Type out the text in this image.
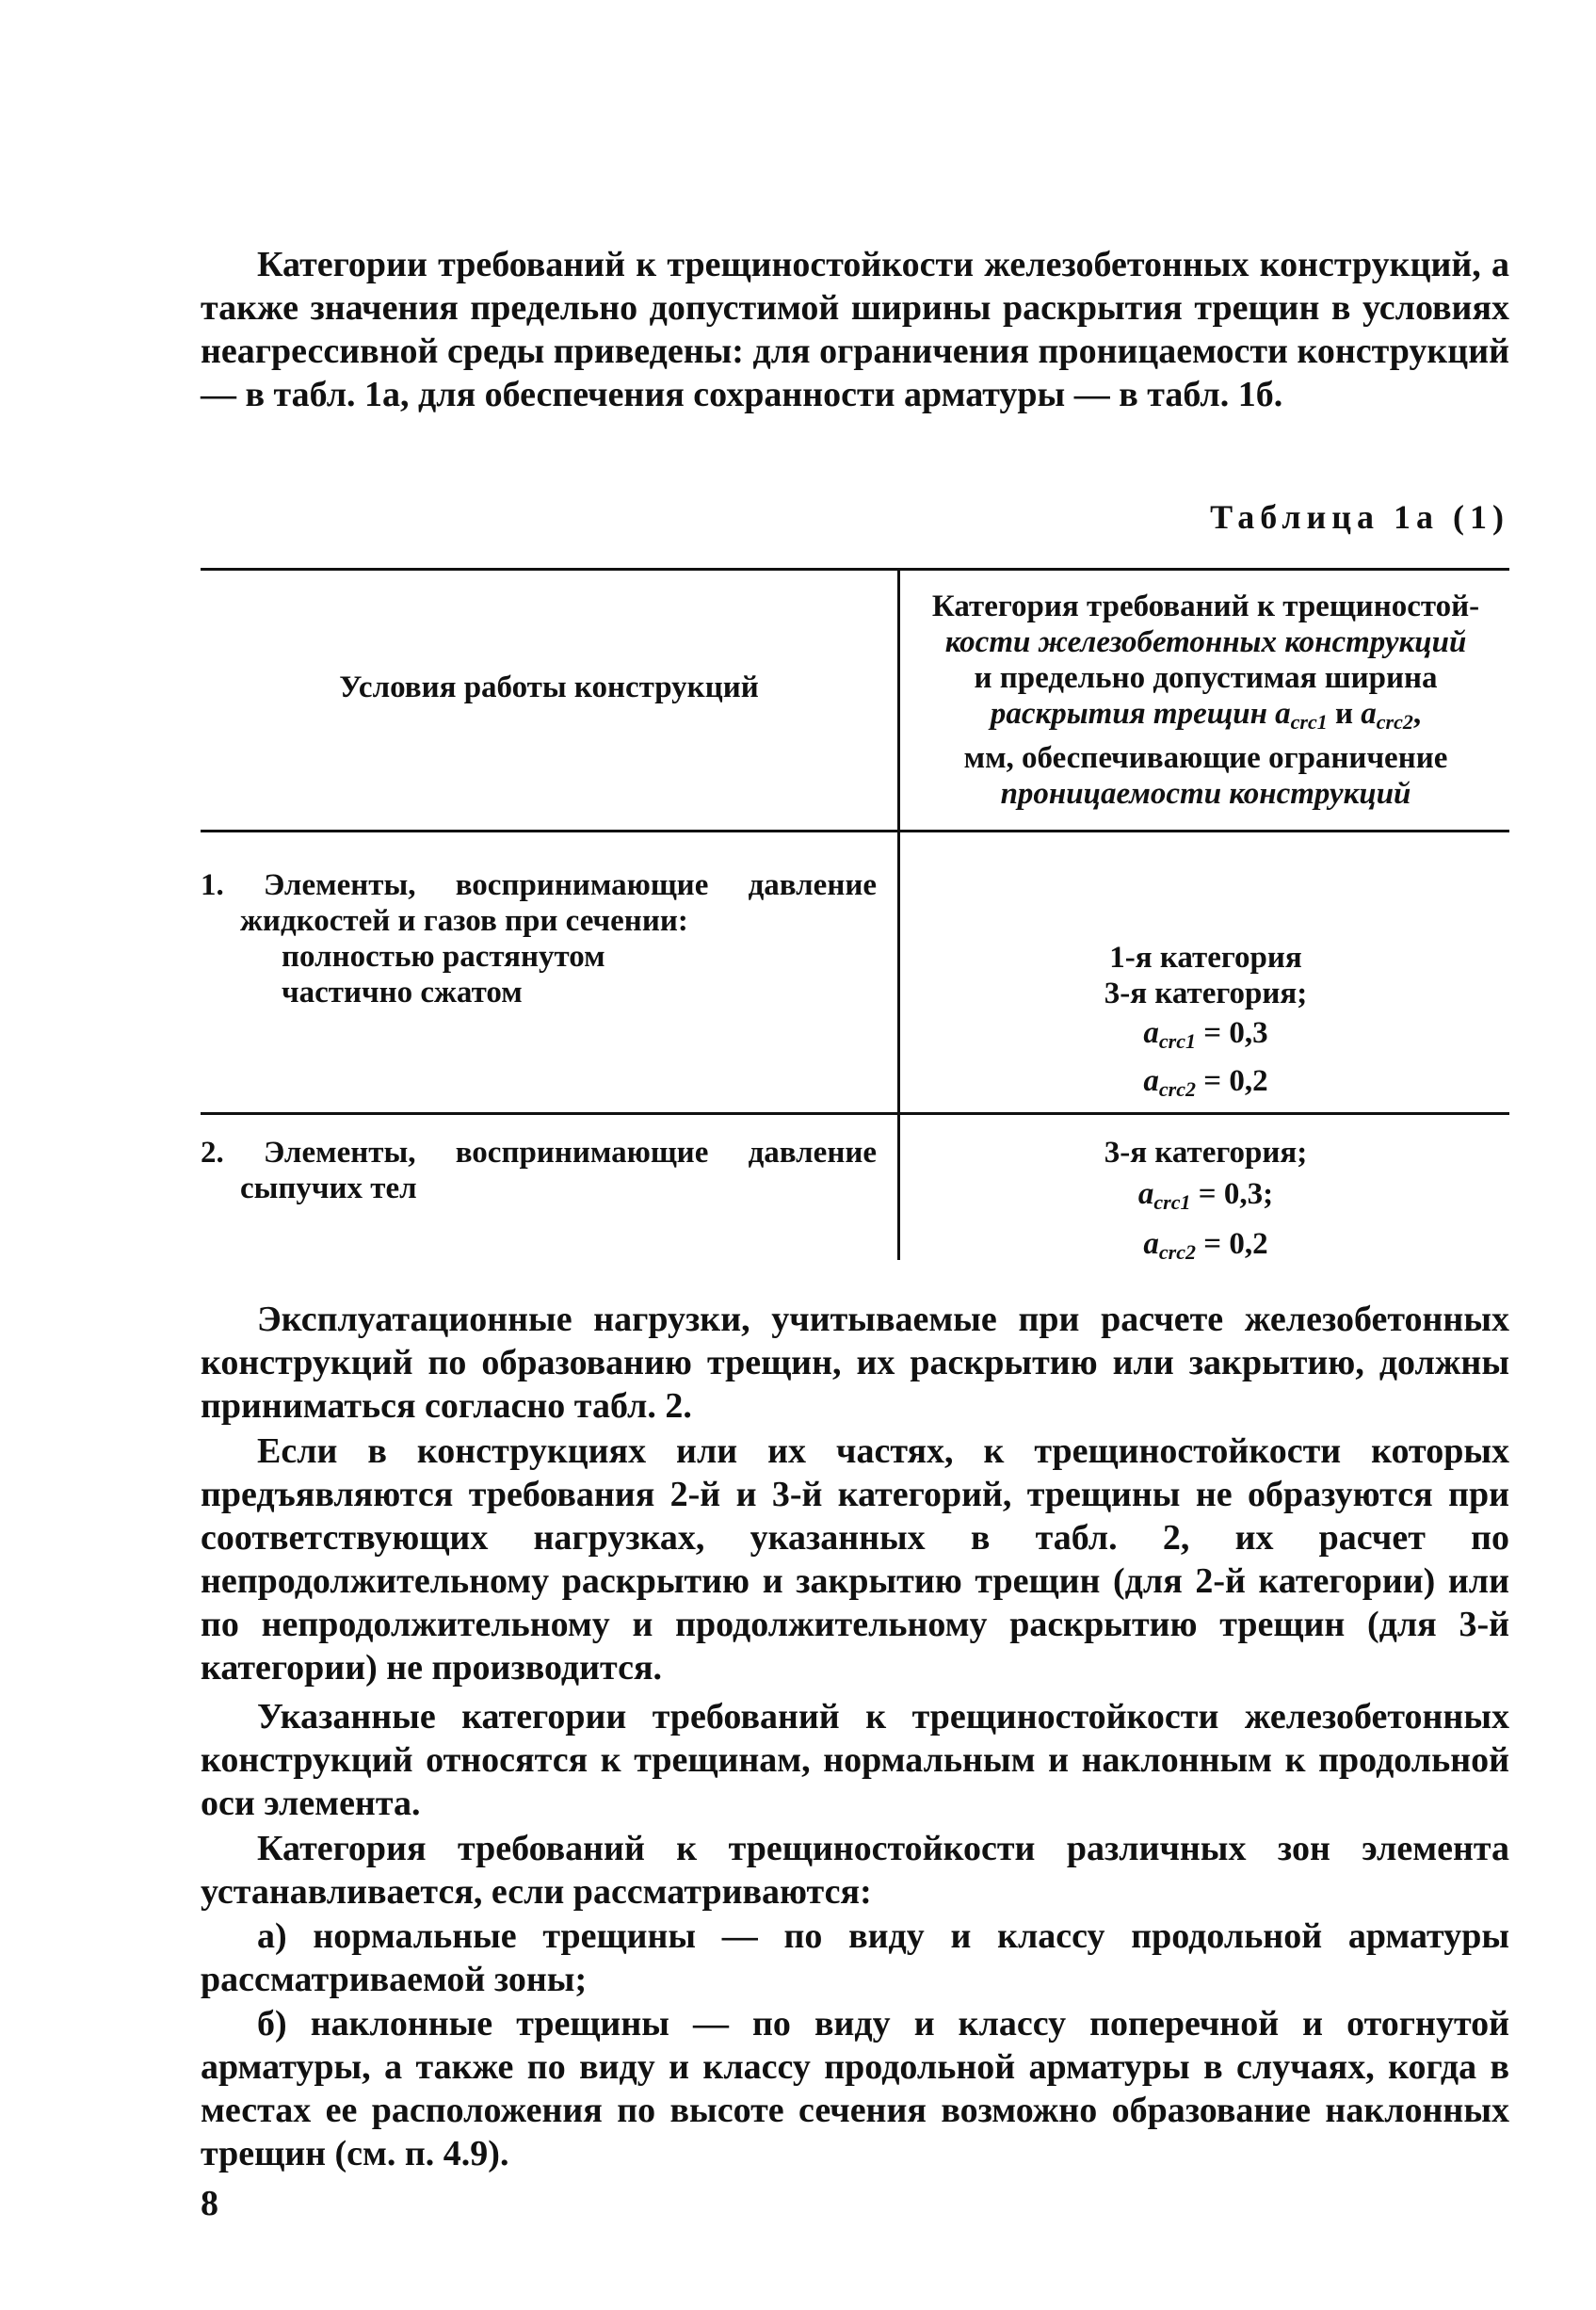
Категории требований к трещиностойкости железобетонных конструкций, а также значения предельно допустимой ширины раскрытия трещин в условиях неагрессивной среды приведены: для ограничения проницаемости конструкций — в табл. 1а, для обеспечения сохранности арматуры — в табл. 1б.

Таблица 1а (1)
Условия работы конструкций
Категория требований к трещиностой-
кости железобетонных конструкций
и предельно допустимая ширина
раскрытия трещин $a_{crc1}$ и $a_{crc2}$,
мм, обеспечивающие ограничение
проницаемости конструкций
1. Элементы, воспринимающие давление
жидкостей и газов при сечении:
полностью растянутом
частично сжатом
1-я категория
3-я категория;
$a_{crc1} = 0,3$
$a_{crc2} = 0,2$
2. Элементы, воспринимающие давление
сыпучих тел
3-я категория;
$a_{crc1} = 0,3$;
$a_{crc2} = 0,2$

Эксплуатационные нагрузки, учитываемые при расчете железобетонных конструкций по образованию трещин, их раскрытию или закрытию, должны приниматься согласно табл. 2.

Если в конструкциях или их частях, к трещиностойкости которых предъявляются требования 2-й и 3-й категорий, трещины не образуются при соответствующих нагрузках, указанных в табл. 2, их расчет по непродолжительному раскрытию и закрытию трещин (для 2-й категории) или по непродолжительному и продолжительному раскрытию трещин (для 3-й категории) не производится.

Указанные категории требований к трещиностойкости железобетонных конструкций относятся к трещинам, нормальным и наклонным к продольной оси элемента.

Категория требований к трещиностойкости различных зон элемента устанавливается, если рассматриваются:

а) нормальные трещины — по виду и классу продольной арматуры рассматриваемой зоны;

б) наклонные трещины — по виду и классу поперечной и отогнутой арматуры, а также по виду и классу продольной арматуры в случаях, когда в местах ее расположения по высоте сечения возможно образование наклонных трещин (см. п. 4.9).

8
